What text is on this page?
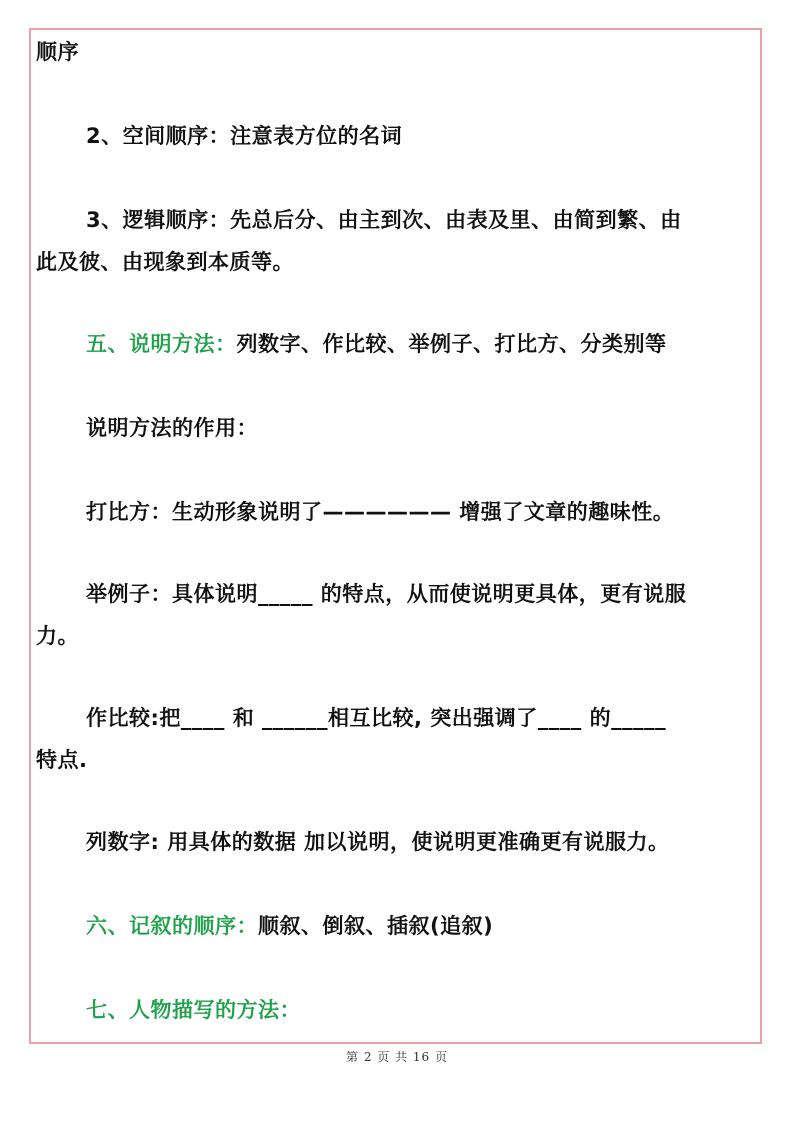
顺序
2、空间顺序：注意表方位的名词
3、逻辑顺序：先总后分、由主到次、由表及里、由简到繁、由
此及彼、由现象到本质等。
五、说明方法：列数字、作比较、举例子、打比方、分类别等
说明方法的作用：
打比方：生动形象说明了—————— 增强了文章的趣味性。
举例子：具体说明_____ 的特点，从而使说明更具体，更有说服
力。
作比较:把____ 和 ______相互比较, 突出强调了____ 的_____
特点.
列数字: 用具体的数据 加以说明，使说明更准确更有说服力。
六、记叙的顺序：顺叙、倒叙、插叙(追叙)
七、人物描写的方法：
第 2 页 共 16 页
